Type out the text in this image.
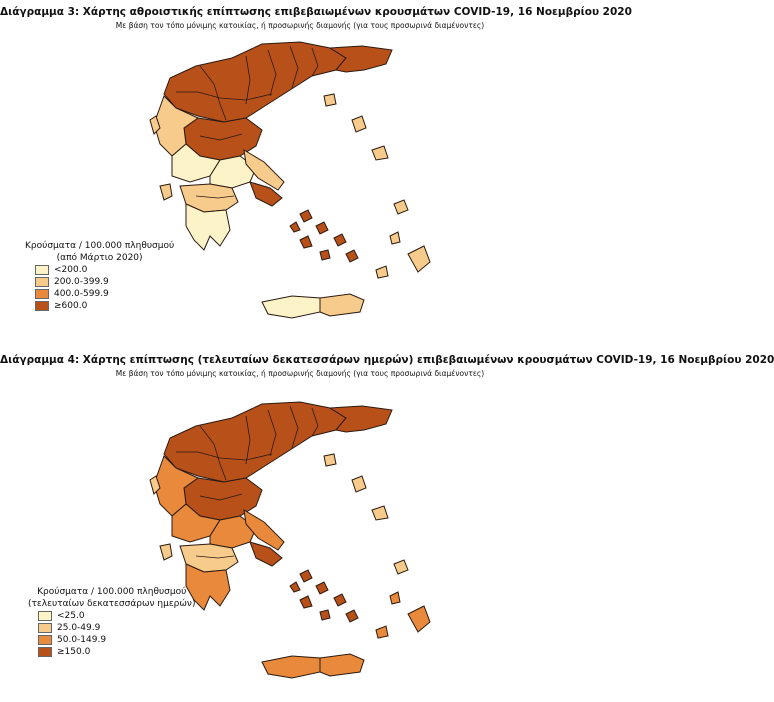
Διάγραμμα 3: Χάρτης αθροιστικής επίπτωσης επιβεβαιωμένων κρουσμάτων COVID-19, 16 Νοεμβρίου 2020
Με βάση τον τόπο μόνιμης κατοικίας, ή προσωρινής διαμονής (για τους προσωρινά διαμένοντες)
Κρούσματα / 100.000 πληθυσμού
(από Μάρτιο 2020)
<200.0
200.0-399.9
400.0-599.9
≥600.0
Διάγραμμα 4: Χάρτης επίπτωσης (τελευταίων δεκατεσσάρων ημερών) επιβεβαιωμένων κρουσμάτων COVID-19, 16 Νοεμβρίου 2020
Με βάση τον τόπο μόνιμης κατοικίας, ή προσωρινής διαμονής (για τους προσωρινά διαμένοντες)
Κρούσματα / 100.000 πληθυσμού
(τελευταίων δεκατεσσάρων ημερών)
<25.0
25.0-49.9
50.0-149.9
≥150.0
